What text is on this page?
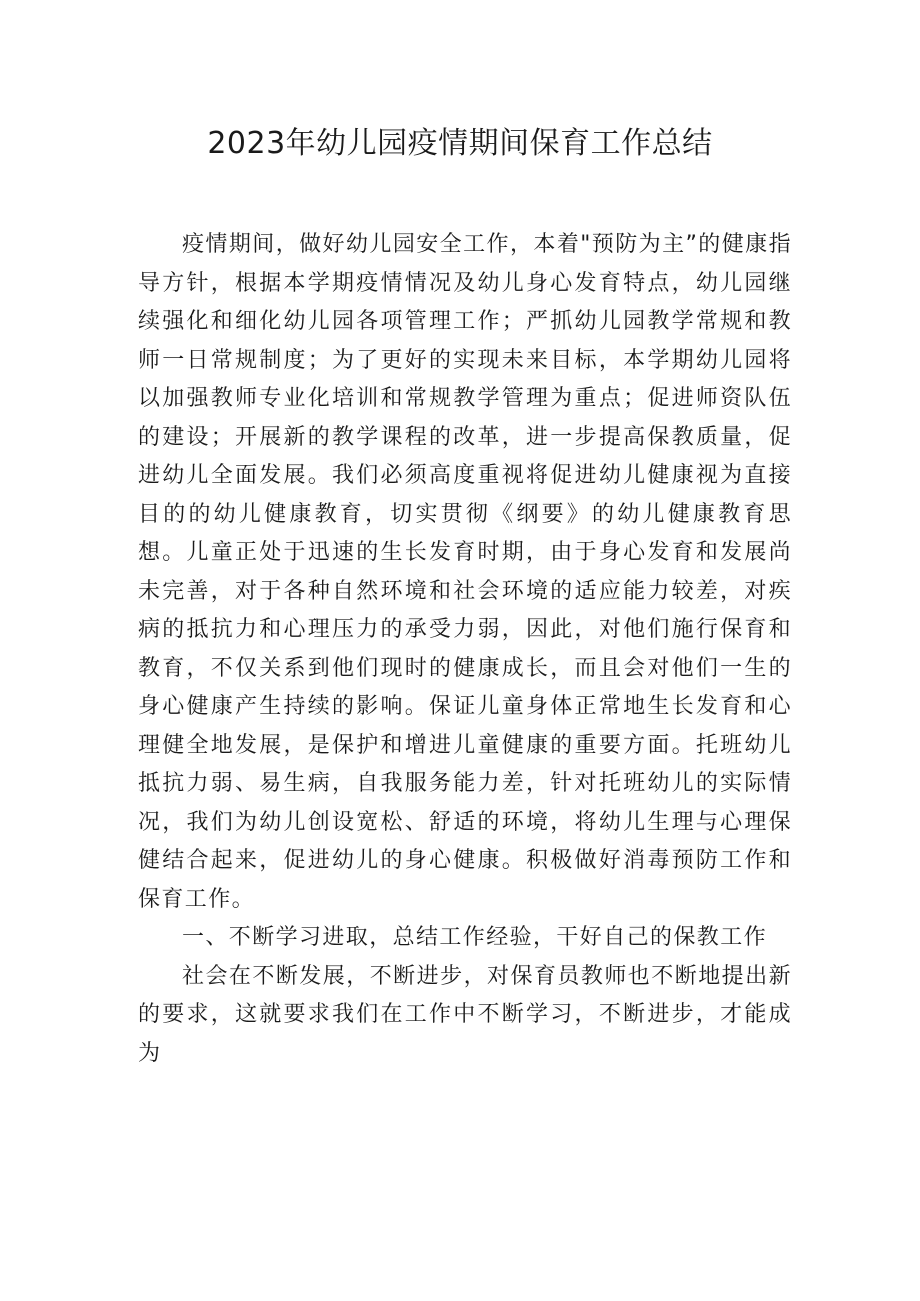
2023年幼儿园疫情期间保育工作总结

疫情期间，做好幼儿园安全工作，本着"预防为主”的健康指导方针，根据本学期疫情情况及幼儿身心发育特点，幼儿园继续强化和细化幼儿园各项管理工作；严抓幼儿园教学常规和教师一日常规制度；为了更好的实现未来目标，本学期幼儿园将以加强教师专业化培训和常规教学管理为重点；促进师资队伍的建设；开展新的教学课程的改革，进一步提高保教质量，促进幼儿全面发展。我们必须高度重视将促进幼儿健康视为直接目的的幼儿健康教育，切实贯彻《纲要》的幼儿健康教育思想。儿童正处于迅速的生长发育时期，由于身心发育和发展尚未完善，对于各种自然环境和社会环境的适应能力较差，对疾病的抵抗力和心理压力的承受力弱，因此，对他们施行保育和教育，不仅关系到他们现时的健康成长，而且会对他们一生的身心健康产生持续的影响。保证儿童身体正常地生长发育和心理健全地发展，是保护和增进儿童健康的重要方面。托班幼儿抵抗力弱、易生病，自我服务能力差，针对托班幼儿的实际情况，我们为幼儿创设宽松、舒适的环境，将幼儿生理与心理保健结合起来，促进幼儿的身心健康。积极做好消毒预防工作和保育工作。

一、不断学习进取，总结工作经验，干好自己的保教工作

社会在不断发展，不断进步，对保育员教师也不断地提出新的要求，这就要求我们在工作中不断学习，不断进步，才能成为
